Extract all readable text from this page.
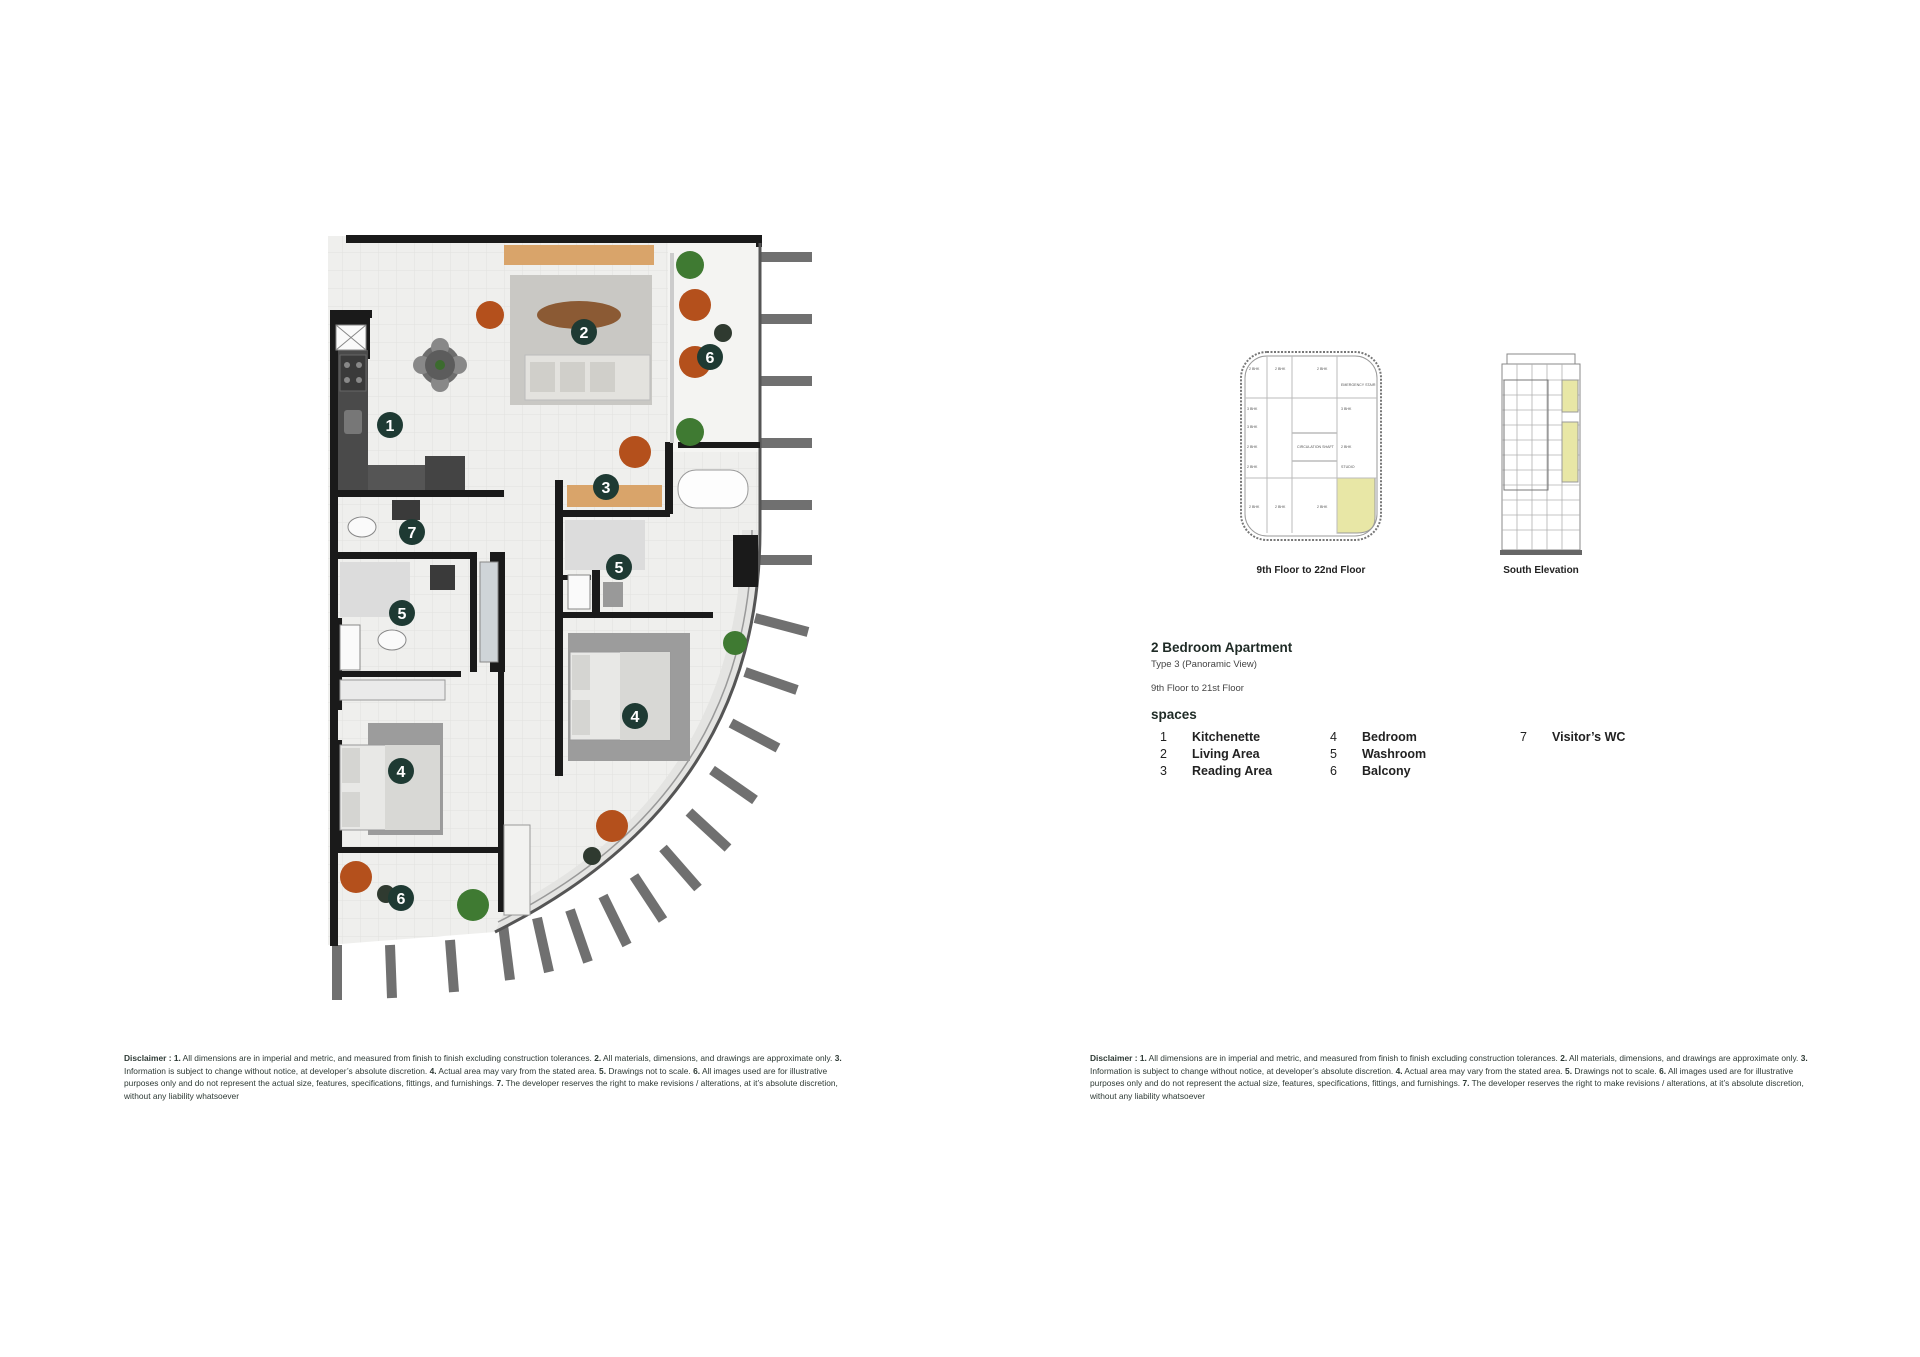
1
2
3
4
4
5
5
6
6
7
2 BHK	2 BHK	2 BHK
3 BHK
3 BHK
2 BHK
2 BHK
2 BHK	2 BHK	2 BHK
3 BHK
2 BHK
STUDIO
EMERGENCY STAIR
CIRCULATION SHAFT
9th Floor to 22nd Floor	South Elevation
2 Bedroom Apartment
Type 3 (Panoramic View)
9th Floor to 21st Floor
spaces
1 Kitchenette
2 Living Area
3 Reading Area
4 Bedroom
5 Washroom
6 Balcony
7 Visitor’s WC
Disclaimer : 1. All dimensions are in imperial and metric, and measured from finish to finish excluding construction tolerances. 2. All materials, dimensions, and drawings are approximate only. 3. Information is subject to change without notice, at developer’s absolute discretion. 4. Actual area may vary from the stated area. 5. Drawings not to scale. 6. All images used are for illustrative purposes only and do not represent the actual size, features, specifications, fittings, and furnishings. 7. The developer reserves the right to make revisions / alterations, at it’s absolute discretion, without any liability whatsoever
Disclaimer : 1. All dimensions are in imperial and metric, and measured from finish to finish excluding construction tolerances. 2. All materials, dimensions, and drawings are approximate only. 3. Information is subject to change without notice, at developer’s absolute discretion. 4. Actual area may vary from the stated area. 5. Drawings not to scale. 6. All images used are for illustrative purposes only and do not represent the actual size, features, specifications, fittings, and furnishings. 7. The developer reserves the right to make revisions / alterations, at it’s absolute discretion, without any liability whatsoever
